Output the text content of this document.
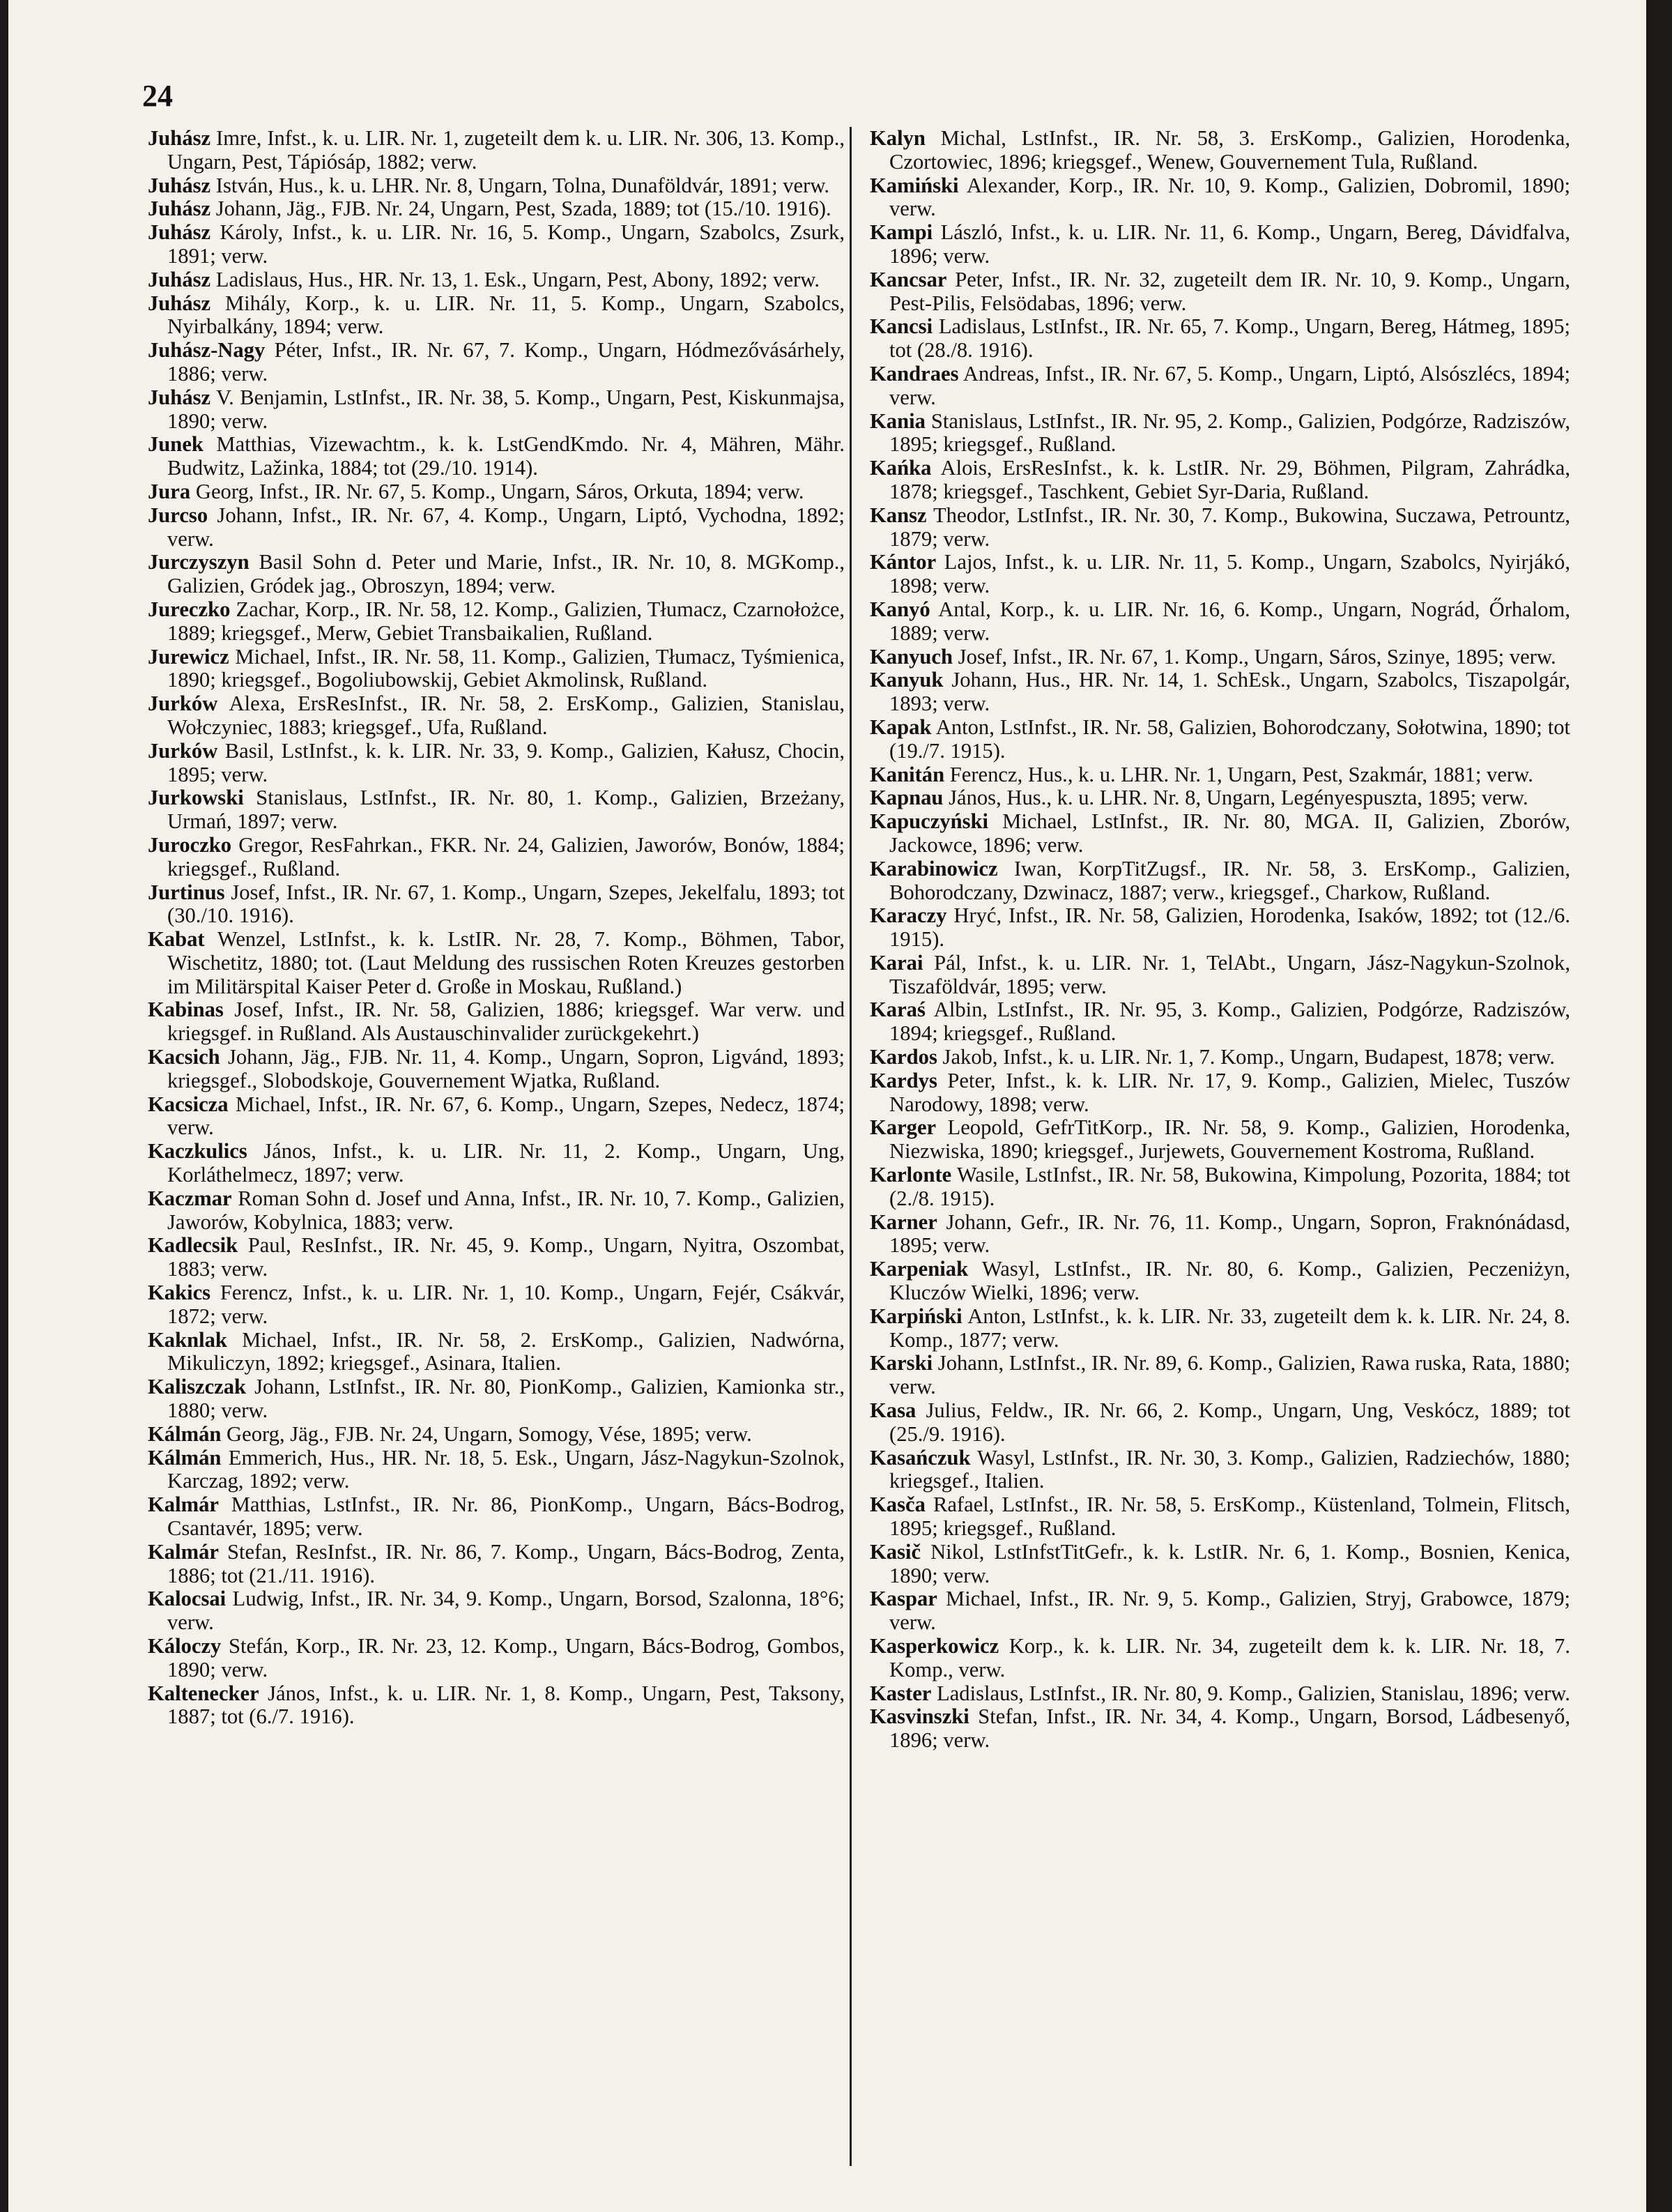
24

Juhász Imre, Infst., k. u. LIR. Nr. 1, zugeteilt dem k. u. LIR. Nr. 306, 13. Komp., Ungarn, Pest, Tápiósáp, 1882; verw.

Juhász István, Hus., k. u. LHR. Nr. 8, Ungarn, Tolna, Dunaföldvár, 1891; verw.

Juhász Johann, Jäg., FJB. Nr. 24, Ungarn, Pest, Szada, 1889; tot (15./10. 1916).

Juhász Károly, Infst., k. u. LIR. Nr. 16, 5. Komp., Ungarn, Szabolcs, Zsurk, 1891; verw.

Juhász Ladislaus, Hus., HR. Nr. 13, 1. Esk., Ungarn, Pest, Abony, 1892; verw.

Juhász Mihály, Korp., k. u. LIR. Nr. 11, 5. Komp., Ungarn, Szabolcs, Nyirbalkány, 1894; verw.

Juhász-Nagy Péter, Infst., IR. Nr. 67, 7. Komp., Ungarn, Hódmezővásárhely, 1886; verw.

Juhász V. Benjamin, LstInfst., IR. Nr. 38, 5. Komp., Ungarn, Pest, Kiskunmajsa, 1890; verw.

Junek Matthias, Vizewachtm., k. k. LstGendKmdo. Nr. 4, Mähren, Mähr. Budwitz, Lažinka, 1884; tot (29./10. 1914).

Jura Georg, Infst., IR. Nr. 67, 5. Komp., Ungarn, Sáros, Orkuta, 1894; verw.

Jurcso Johann, Infst., IR. Nr. 67, 4. Komp., Ungarn, Liptó, Vychodna, 1892; verw.

Jurczyszyn Basil Sohn d. Peter und Marie, Infst., IR. Nr. 10, 8. MGKomp., Galizien, Gródek jag., Obroszyn, 1894; verw.

Jureczko Zachar, Korp., IR. Nr. 58, 12. Komp., Galizien, Tłumacz, Czarnołożce, 1889; kriegsgef., Merw, Gebiet Transbaikalien, Rußland.

Jurewicz Michael, Infst., IR. Nr. 58, 11. Komp., Galizien, Tłumacz, Tyśmienica, 1890; kriegsgef., Bogoliubowskij, Gebiet Akmolinsk, Rußland.

Jurków Alexa, ErsResInfst., IR. Nr. 58, 2. ErsKomp., Galizien, Stanislau, Wołczyniec, 1883; kriegsgef., Ufa, Rußland.

Jurków Basil, LstInfst., k. k. LIR. Nr. 33, 9. Komp., Galizien, Kałusz, Chocin, 1895; verw.

Jurkowski Stanislaus, LstInfst., IR. Nr. 80, 1. Komp., Galizien, Brzeżany, Urmań, 1897; verw.

Juroczko Gregor, ResFahrkan., FKR. Nr. 24, Galizien, Jaworów, Bonów, 1884; kriegsgef., Rußland.

Jurtinus Josef, Infst., IR. Nr. 67, 1. Komp., Ungarn, Szepes, Jekelfalu, 1893; tot (30./10. 1916).

Kabat Wenzel, LstInfst., k. k. LstIR. Nr. 28, 7. Komp., Böhmen, Tabor, Wischetitz, 1880; tot. (Laut Meldung des russischen Roten Kreuzes gestorben im Militärspital Kaiser Peter d. Große in Moskau, Rußland.)

Kabinas Josef, Infst., IR. Nr. 58, Galizien, 1886; kriegsgef. War verw. und kriegsgef. in Rußland. Als Austauschinvalider zurückgekehrt.)

Kacsich Johann, Jäg., FJB. Nr. 11, 4. Komp., Ungarn, Sopron, Ligvánd, 1893; kriegsgef., Slobodskoje, Gouvernement Wjatka, Rußland.

Kacsicza Michael, Infst., IR. Nr. 67, 6. Komp., Ungarn, Szepes, Nedecz, 1874; verw.

Kaczkulics János, Infst., k. u. LIR. Nr. 11, 2. Komp., Ungarn, Ung, Korláthelmecz, 1897; verw.

Kaczmar Roman Sohn d. Josef und Anna, Infst., IR. Nr. 10, 7. Komp., Galizien, Jaworów, Kobylnica, 1883; verw.

Kadlecsik Paul, ResInfst., IR. Nr. 45, 9. Komp., Ungarn, Nyitra, Oszombat, 1883; verw.

Kakics Ferencz, Infst., k. u. LIR. Nr. 1, 10. Komp., Ungarn, Fejér, Csákvár, 1872; verw.

Kaknlak Michael, Infst., IR. Nr. 58, 2. ErsKomp., Galizien, Nadwórna, Mikuliczyn, 1892; kriegsgef., Asinara, Italien.

Kaliszczak Johann, LstInfst., IR. Nr. 80, PionKomp., Galizien, Kamionka str., 1880; verw.

Kálmán Georg, Jäg., FJB. Nr. 24, Ungarn, Somogy, Vése, 1895; verw.

Kálmán Emmerich, Hus., HR. Nr. 18, 5. Esk., Ungarn, Jász-Nagykun-Szolnok, Karczag, 1892; verw.

Kalmár Matthias, LstInfst., IR. Nr. 86, PionKomp., Ungarn, Bács-Bodrog, Csantavér, 1895; verw.

Kalmár Stefan, ResInfst., IR. Nr. 86, 7. Komp., Ungarn, Bács-Bodrog, Zenta, 1886; tot (21./11. 1916).

Kalocsai Ludwig, Infst., IR. Nr. 34, 9. Komp., Ungarn, Borsod, Szalonna, 18°6; verw.

Káloczy Stefán, Korp., IR. Nr. 23, 12. Komp., Ungarn, Bács-Bodrog, Gombos, 1890; verw.

Kaltenecker János, Infst., k. u. LIR. Nr. 1, 8. Komp., Ungarn, Pest, Taksony, 1887; tot (6./7. 1916).

Kalyn Michal, LstInfst., IR. Nr. 58, 3. ErsKomp., Galizien, Horodenka, Czortowiec, 1896; kriegsgef., Wenew, Gouvernement Tula, Rußland.

Kamiński Alexander, Korp., IR. Nr. 10, 9. Komp., Galizien, Dobromil, 1890; verw.

Kampi László, Infst., k. u. LIR. Nr. 11, 6. Komp., Ungarn, Bereg, Dávidfalva, 1896; verw.

Kancsar Peter, Infst., IR. Nr. 32, zugeteilt dem IR. Nr. 10, 9. Komp., Ungarn, Pest-Pilis, Felsödabas, 1896; verw.

Kancsi Ladislaus, LstInfst., IR. Nr. 65, 7. Komp., Ungarn, Bereg, Hátmeg, 1895; tot (28./8. 1916).

Kandraes Andreas, Infst., IR. Nr. 67, 5. Komp., Ungarn, Liptó, Alsószlécs, 1894; verw.

Kania Stanislaus, LstInfst., IR. Nr. 95, 2. Komp., Galizien, Podgórze, Radziszów, 1895; kriegsgef., Rußland.

Kańka Alois, ErsResInfst., k. k. LstIR. Nr. 29, Böhmen, Pilgram, Zahrádka, 1878; kriegsgef., Taschkent, Gebiet Syr-Daria, Rußland.

Kansz Theodor, LstInfst., IR. Nr. 30, 7. Komp., Bukowina, Suczawa, Petrountz, 1879; verw.

Kántor Lajos, Infst., k. u. LIR. Nr. 11, 5. Komp., Ungarn, Szabolcs, Nyirjákó, 1898; verw.

Kanyó Antal, Korp., k. u. LIR. Nr. 16, 6. Komp., Ungarn, Nográd, Őrhalom, 1889; verw.

Kanyuch Josef, Infst., IR. Nr. 67, 1. Komp., Ungarn, Sáros, Szinye, 1895; verw.

Kanyuk Johann, Hus., HR. Nr. 14, 1. SchEsk., Ungarn, Szabolcs, Tiszapolgár, 1893; verw.

Kapak Anton, LstInfst., IR. Nr. 58, Galizien, Bohorodczany, Sołotwina, 1890; tot (19./7. 1915).

Kanitán Ferencz, Hus., k. u. LHR. Nr. 1, Ungarn, Pest, Szakmár, 1881; verw.

Kapnau János, Hus., k. u. LHR. Nr. 8, Ungarn, Legényespuszta, 1895; verw.

Kapuczyński Michael, LstInfst., IR. Nr. 80, MGA. II, Galizien, Zborów, Jackowce, 1896; verw.

Karabinowicz Iwan, KorpTitZugsf., IR. Nr. 58, 3. ErsKomp., Galizien, Bohorodczany, Dzwinacz, 1887; verw., kriegsgef., Charkow, Rußland.

Karaczy Hryć, Infst., IR. Nr. 58, Galizien, Horodenka, Isaków, 1892; tot (12./6. 1915).

Karai Pál, Infst., k. u. LIR. Nr. 1, TelAbt., Ungarn, Jász-Nagykun-Szolnok, Tiszaföldvár, 1895; verw.

Karaś Albin, LstInfst., IR. Nr. 95, 3. Komp., Galizien, Podgórze, Radziszów, 1894; kriegsgef., Rußland.

Kardos Jakob, Infst., k. u. LIR. Nr. 1, 7. Komp., Ungarn, Budapest, 1878; verw.

Kardys Peter, Infst., k. k. LIR. Nr. 17, 9. Komp., Galizien, Mielec, Tuszów Narodowy, 1898; verw.

Karger Leopold, GefrTitKorp., IR. Nr. 58, 9. Komp., Galizien, Horodenka, Niezwiska, 1890; kriegsgef., Jurjewets, Gouvernement Kostroma, Rußland.

Karlonte Wasile, LstInfst., IR. Nr. 58, Bukowina, Kimpolung, Pozorita, 1884; tot (2./8. 1915).

Karner Johann, Gefr., IR. Nr. 76, 11. Komp., Ungarn, Sopron, Fraknónádasd, 1895; verw.

Karpeniak Wasyl, LstInfst., IR. Nr. 80, 6. Komp., Galizien, Peczeniżyn, Kluczów Wielki, 1896; verw.

Karpiński Anton, LstInfst., k. k. LIR. Nr. 33, zugeteilt dem k. k. LIR. Nr. 24, 8. Komp., 1877; verw.

Karski Johann, LstInfst., IR. Nr. 89, 6. Komp., Galizien, Rawa ruska, Rata, 1880; verw.

Kasa Julius, Feldw., IR. Nr. 66, 2. Komp., Ungarn, Ung, Veskócz, 1889; tot (25./9. 1916).

Kasańczuk Wasyl, LstInfst., IR. Nr. 30, 3. Komp., Galizien, Radziechów, 1880; kriegsgef., Italien.

Kasča Rafael, LstInfst., IR. Nr. 58, 5. ErsKomp., Küstenland, Tolmein, Flitsch, 1895; kriegsgef., Rußland.

Kasič Nikol, LstInfstTitGefr., k. k. LstIR. Nr. 6, 1. Komp., Bosnien, Kenica, 1890; verw.

Kaspar Michael, Infst., IR. Nr. 9, 5. Komp., Galizien, Stryj, Grabowce, 1879; verw.

Kasperkowicz Korp., k. k. LIR. Nr. 34, zugeteilt dem k. k. LIR. Nr. 18, 7. Komp., verw.

Kaster Ladislaus, LstInfst., IR. Nr. 80, 9. Komp., Galizien, Stanislau, 1896; verw.

Kasvinszki Stefan, Infst., IR. Nr. 34, 4. Komp., Ungarn, Borsod, Ládbesenyő, 1896; verw.
